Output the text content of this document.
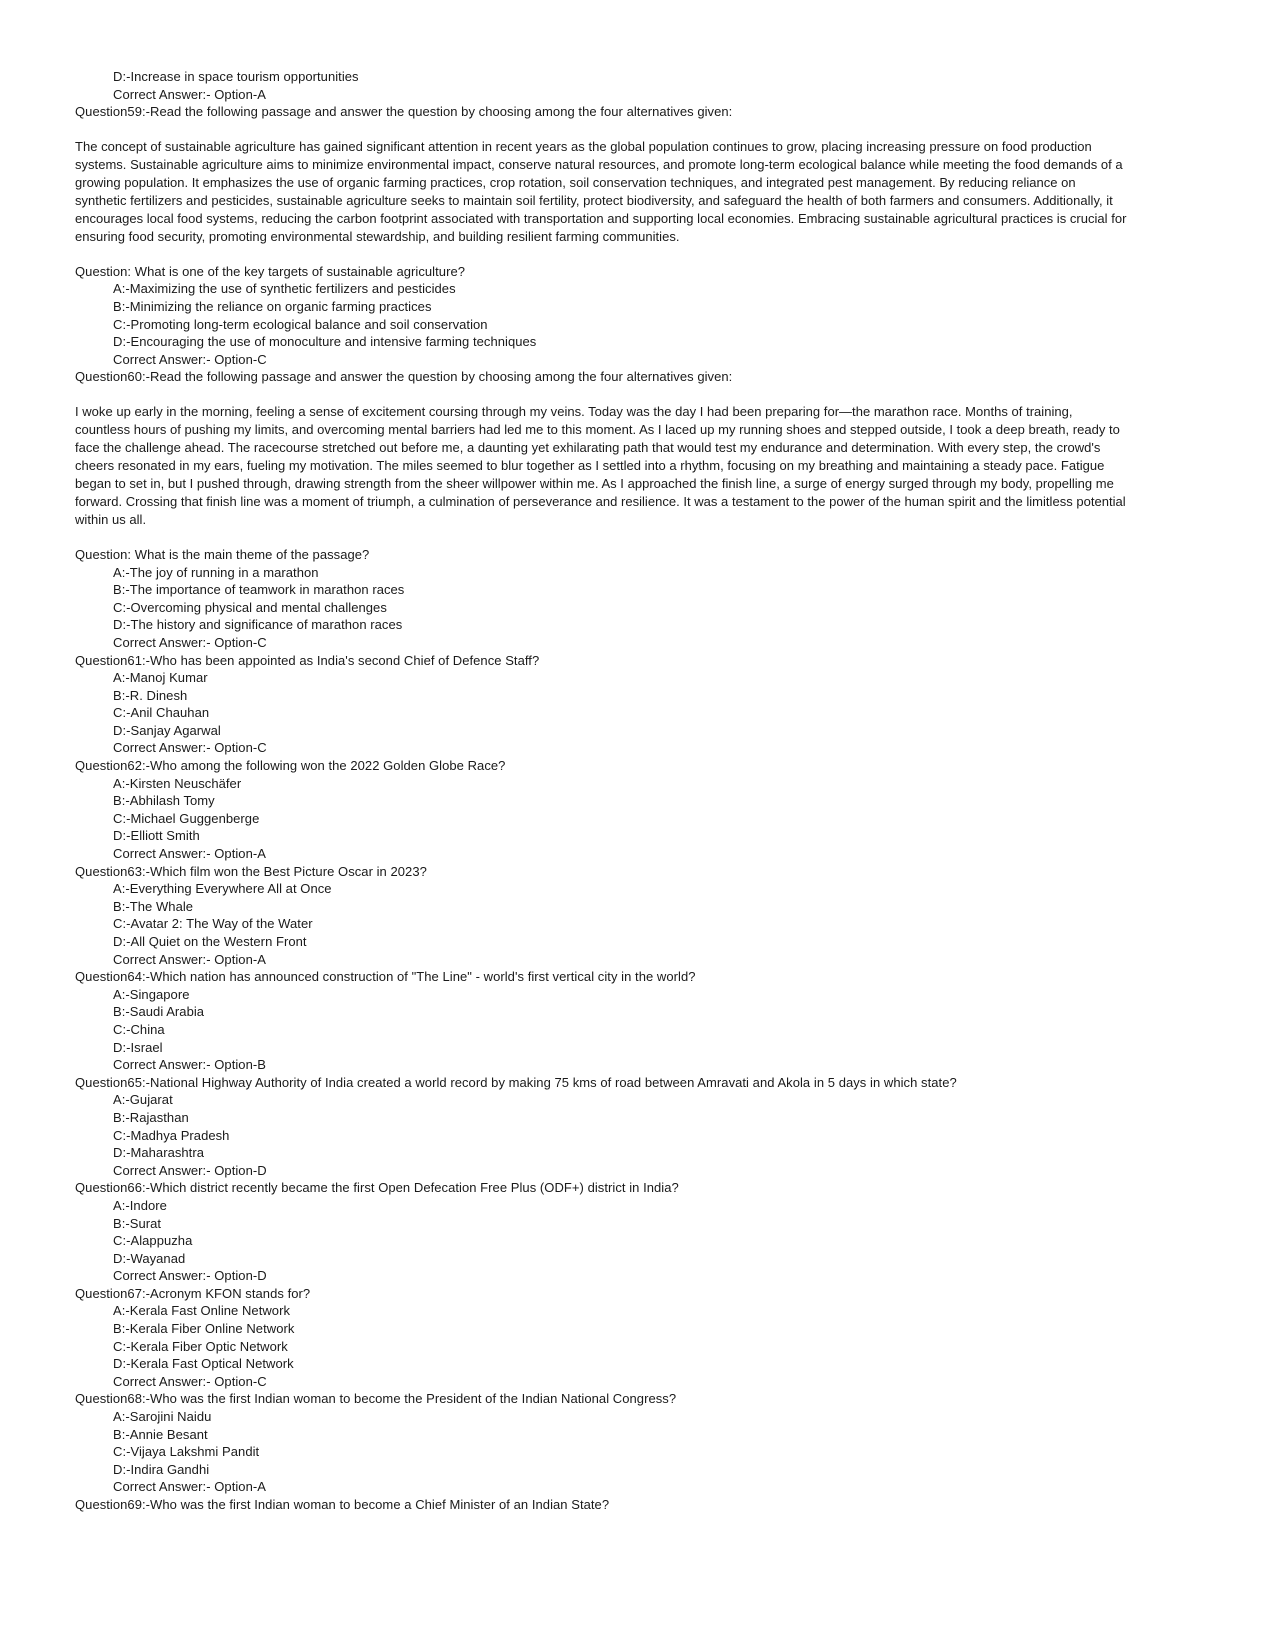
D:-Increase in space tourism opportunities
Correct Answer:- Option-A
Question59:-Read the following passage and answer the question by choosing among the four alternatives given:
The concept of sustainable agriculture has gained significant attention in recent years as the global population continues to grow, placing increasing pressure on food production systems. Sustainable agriculture aims to minimize environmental impact, conserve natural resources, and promote long-term ecological balance while meeting the food demands of a growing population. It emphasizes the use of organic farming practices, crop rotation, soil conservation techniques, and integrated pest management. By reducing reliance on synthetic fertilizers and pesticides, sustainable agriculture seeks to maintain soil fertility, protect biodiversity, and safeguard the health of both farmers and consumers. Additionally, it encourages local food systems, reducing the carbon footprint associated with transportation and supporting local economies. Embracing sustainable agricultural practices is crucial for ensuring food security, promoting environmental stewardship, and building resilient farming communities.
Question: What is one of the key targets of sustainable agriculture?
A:-Maximizing the use of synthetic fertilizers and pesticides
B:-Minimizing the reliance on organic farming practices
C:-Promoting long-term ecological balance and soil conservation
D:-Encouraging the use of monoculture and intensive farming techniques
Correct Answer:- Option-C
Question60:-Read the following passage and answer the question by choosing among the four alternatives given:
I woke up early in the morning, feeling a sense of excitement coursing through my veins. Today was the day I had been preparing for—the marathon race. Months of training, countless hours of pushing my limits, and overcoming mental barriers had led me to this moment. As I laced up my running shoes and stepped outside, I took a deep breath, ready to face the challenge ahead. The racecourse stretched out before me, a daunting yet exhilarating path that would test my endurance and determination. With every step, the crowd's cheers resonated in my ears, fueling my motivation. The miles seemed to blur together as I settled into a rhythm, focusing on my breathing and maintaining a steady pace. Fatigue began to set in, but I pushed through, drawing strength from the sheer willpower within me. As I approached the finish line, a surge of energy surged through my body, propelling me forward. Crossing that finish line was a moment of triumph, a culmination of perseverance and resilience. It was a testament to the power of the human spirit and the limitless potential within us all.
Question: What is the main theme of the passage?
A:-The joy of running in a marathon
B:-The importance of teamwork in marathon races
C:-Overcoming physical and mental challenges
D:-The history and significance of marathon races
Correct Answer:- Option-C
Question61:-Who has been appointed as India's second Chief of Defence Staff?
A:-Manoj Kumar
B:-R. Dinesh
C:-Anil Chauhan
D:-Sanjay Agarwal
Correct Answer:- Option-C
Question62:-Who among the following won the 2022 Golden Globe Race?
A:-Kirsten Neuschäfer
B:-Abhilash Tomy
C:-Michael Guggenberge
D:-Elliott Smith
Correct Answer:- Option-A
Question63:-Which film won the Best Picture Oscar in 2023?
A:-Everything Everywhere All at Once
B:-The Whale
C:-Avatar 2: The Way of the Water
D:-All Quiet on the Western Front
Correct Answer:- Option-A
Question64:-Which nation has announced construction of "The Line" - world's first vertical city in the world?
A:-Singapore
B:-Saudi Arabia
C:-China
D:-Israel
Correct Answer:- Option-B
Question65:-National Highway Authority of India created a world record by making 75 kms of road between Amravati and Akola in 5 days in which state?
A:-Gujarat
B:-Rajasthan
C:-Madhya Pradesh
D:-Maharashtra
Correct Answer:- Option-D
Question66:-Which district recently became the first Open Defecation Free Plus (ODF+) district in India?
A:-Indore
B:-Surat
C:-Alappuzha
D:-Wayanad
Correct Answer:- Option-D
Question67:-Acronym KFON stands for?
A:-Kerala Fast Online Network
B:-Kerala Fiber Online Network
C:-Kerala Fiber Optic Network
D:-Kerala Fast Optical Network
Correct Answer:- Option-C
Question68:-Who was the first Indian woman to become the President of the Indian National Congress?
A:-Sarojini Naidu
B:-Annie Besant
C:-Vijaya Lakshmi Pandit
D:-Indira Gandhi
Correct Answer:- Option-A
Question69:-Who was the first Indian woman to become a Chief Minister of an Indian State?
